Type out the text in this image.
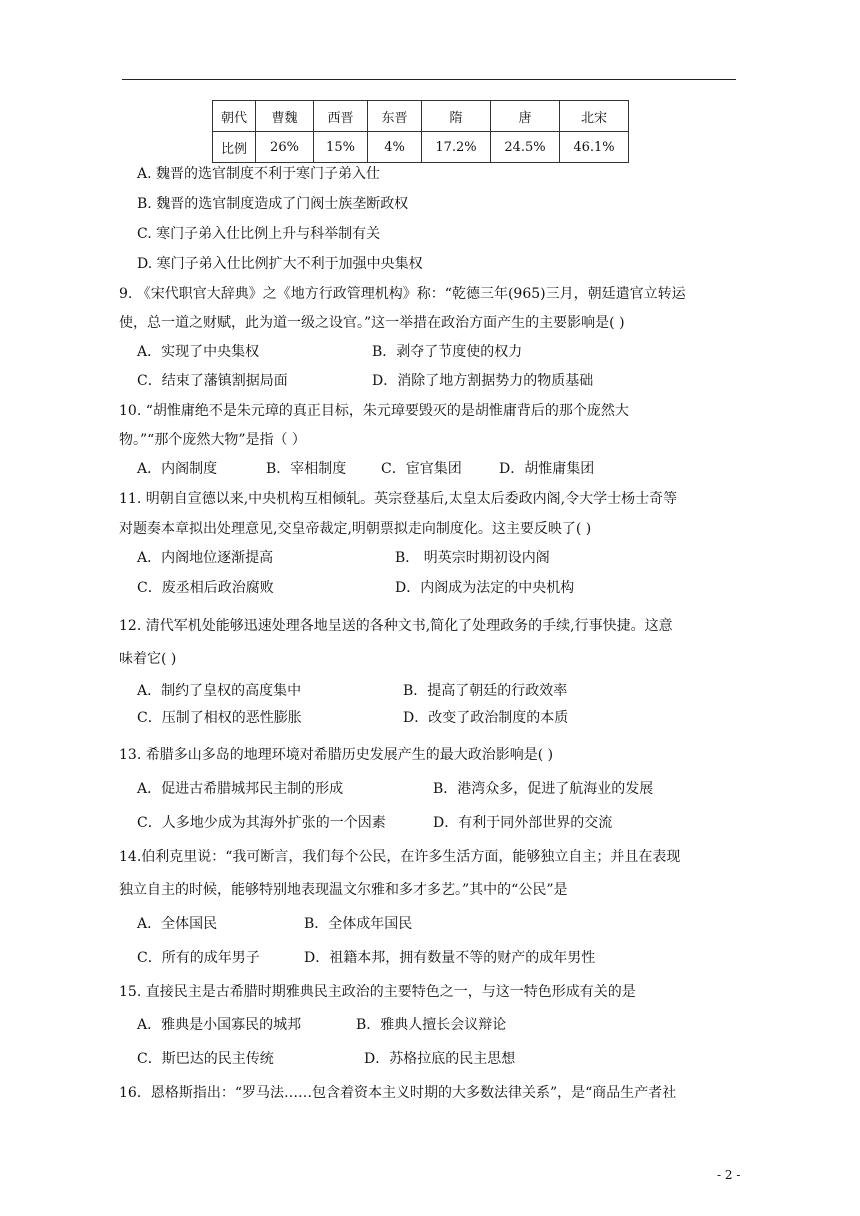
朝代	曹魏	西晋	东晋	隋	唐	北宋
比例	26%	15%	4%	17.2%	24.5%	46.1%
A. 魏晋的选官制度不利于寒门子弟入仕
B. 魏晋的选官制度造成了门阀士族垄断政权
C. 寒门子弟入仕比例上升与科举制有关
D. 寒门子弟入仕比例扩大不利于加强中央集权
9. 《宋代职官大辞典》之《地方行政管理机构》称：“乾德三年(965)三月，朝廷遣官立转运
使，总一道之财赋，此为道一级之设官。”这一举措在政治方面产生的主要影响是( )
A．实现了中央集权	B．剥夺了节度使的权力
C．结束了藩镇割据局面	D．消除了地方割据势力的物质基础
10. “胡惟庸绝不是朱元璋的真正目标，朱元璋要毁灭的是胡惟庸背后的那个庞然大
物。”“那个庞然大物”是指（ ）
A．内阁制度	B．宰相制度 C．宦官集团	D．胡惟庸集团
11. 明朝自宣德以来,中央机构互相倾轧。英宗登基后,太皇太后委政内阁,令大学士杨士奇等
对题奏本章拟出处理意见,交皇帝裁定,明朝票拟走向制度化。这主要反映了( )
A．内阁地位逐渐提高	B． 明英宗时期初设内阁
C．废丞相后政治腐败	D．内阁成为法定的中央机构
12. 清代军机处能够迅速处理各地呈送的各种文书,简化了处理政务的手续,行事快捷。这意
味着它( )
A．制约了皇权的高度集中	B．提高了朝廷的行政效率
C．压制了相权的恶性膨胀	D．改变了政治制度的本质
13. 希腊多山多岛的地理环境对希腊历史发展产生的最大政治影响是( )
A．促进古希腊城邦民主制的形成	B．港湾众多，促进了航海业的发展
C．人多地少成为其海外扩张的一个因素	D．有利于同外部世界的交流
14.伯利克里说：“我可断言，我们每个公民，在许多生活方面，能够独立自主；并且在表现
独立自主的时候，能够特别地表现温文尔雅和多才多艺。”其中的“公民”是
A．全体国民	B．全体成年国民
C．所有的成年男子	D．祖籍本邦，拥有数量不等的财产的成年男性
15. 直接民主是古希腊时期雅典民主政治的主要特色之一，与这一特色形成有关的是
A．雅典是小国寡民的城邦	B．雅典人擅长会议辩论
C．斯巴达的民主传统	D．苏格拉底的民主思想
16．恩格斯指出：“罗马法……包含着资本主义时期的大多数法律关系”，是“商品生产者社
- 2 -
